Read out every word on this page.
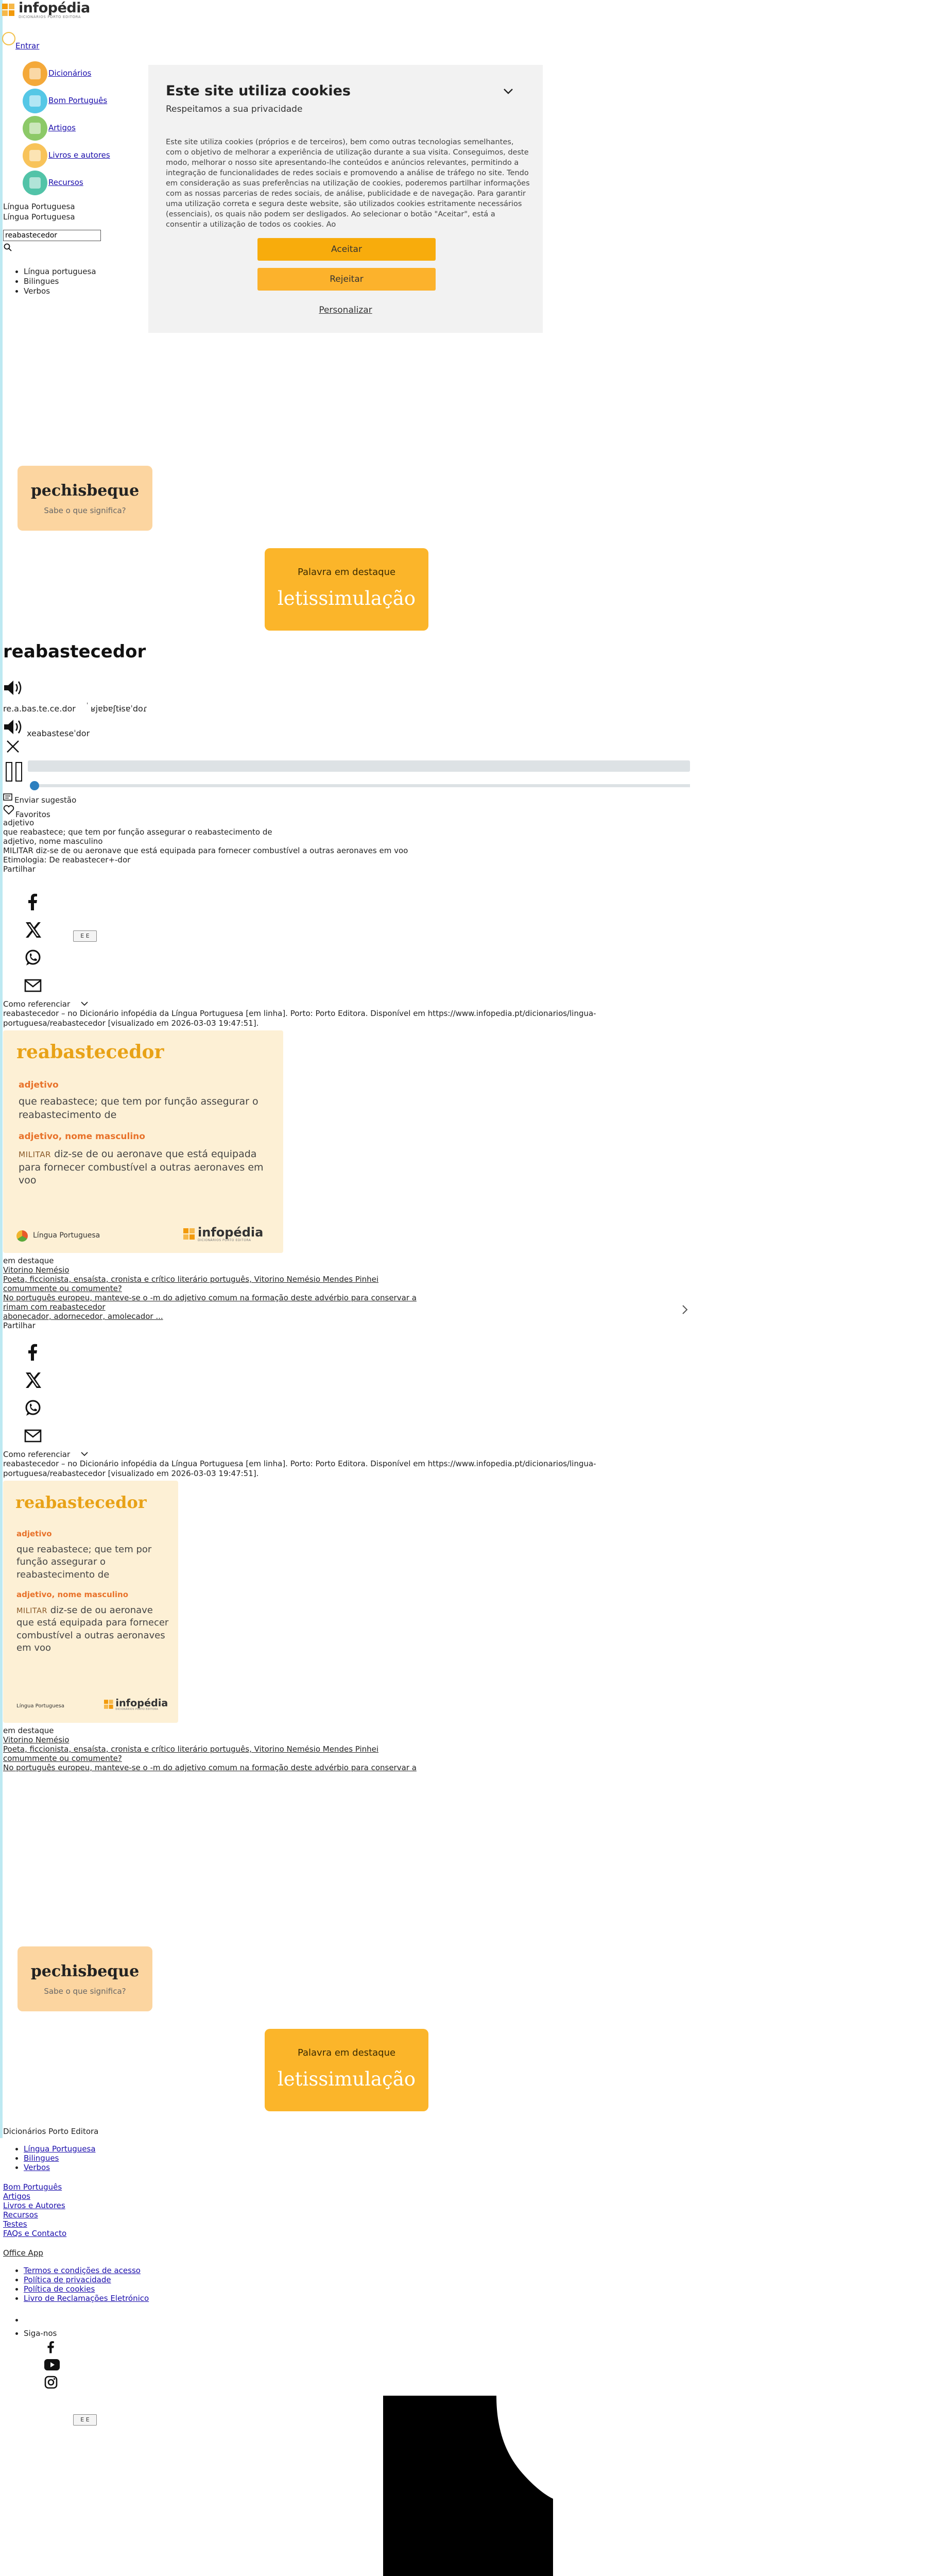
infopédia
DICIONÁRIOS PORTO EDITORA
Entrar
Dicionários
Bom Português
Artigos
Livros e autores
Recursos
Língua Portuguesa
Língua Portuguesa
reabastecedor
• Língua portuguesa
• Bilingues
• Verbos
Este site utiliza cookies
Respeitamos a sua privacidade
Este site utiliza cookies (próprios e de terceiros), bem como outras tecnologias semelhantes, com o objetivo de melhorar a experiência de utilização durante a sua visita. Conseguimos, deste modo, melhorar o nosso site apresentando-lhe conteúdos e anúncios relevantes, permitindo a integração de funcionalidades de redes sociais e promovendo a análise de tráfego no site. Tendo em consideração as suas preferências na utilização de cookies, poderemos partilhar informações com as nossas parcerias de redes sociais, de análise, publicidade e de navegação. Para garantir uma utilização correta e segura deste website, são utilizados cookies estritamente necessários (essenciais), os quais não podem ser desligados. Ao selecionar o botão "Aceitar", está a consentir a utilização de todos os cookies. Ao
Aceitar
Rejeitar
Personalizar
pechisbeque
Sabe o que significa?
Palavra em destaque
letissimulação
reabastecedor
re.a.bas.te.ce.dor ˈ ʁjɐbɐʃtɨsɐˈdoɾ
xeabasteseˈdor
Enviar sugestão
Favoritos
adjetivo
que reabastece; que tem por função assegurar o reabastecimento de
adjetivo, nome masculino
MILITAR diz-se de ou aeronave que está equipada para fornecer combustível a outras aeronaves em voo
Etimologia: De reabastecer+-dor
Partilhar
E E
Como referenciar
reabastecedor – no Dicionário infopédia da Língua Portuguesa [em linha]. Porto: Porto Editora. Disponível em https://www.infopedia.pt/dicionarios/lingua-portuguesa/reabastecedor [visualizado em 2026-03-03 19:47:51].
reabastecedor
adjetivo
que reabastece; que tem por função assegurar o reabastecimento de
adjetivo, nome masculino
MILITAR diz-se de ou aeronave que está equipada para fornecer combustível a outras aeronaves em voo
Língua Portuguesa	infopédia
DICIONÁRIOS PORTO EDITORA
em destaque
Vitorino Nemésio
Poeta, ficcionista, ensaísta, cronista e crítico literário português, Vitorino Nemésio Mendes Pinhei
comummente ou comumente?
No português europeu, manteve-se o -m do adjetivo comum na formação deste advérbio para conservar a
rimam com reabastecedor
abonecador, adornecedor, amolecador ...
Partilhar
Como referenciar
reabastecedor – no Dicionário infopédia da Língua Portuguesa [em linha]. Porto: Porto Editora. Disponível em https://www.infopedia.pt/dicionarios/lingua-portuguesa/reabastecedor [visualizado em 2026-03-03 19:47:51].
reabastecedor
adjetivo
que reabastece; que tem por função assegurar o reabastecimento de
adjetivo, nome masculino
MILITAR diz-se de ou aeronave que está equipada para fornecer combustível a outras aeronaves em voo
Língua Portuguesa	infopédia
DICIONÁRIOS PORTO EDITORA
em destaque
Vitorino Nemésio
Poeta, ficcionista, ensaísta, cronista e crítico literário português, Vitorino Nemésio Mendes Pinhei
comummente ou comumente?
No português europeu, manteve-se o -m do adjetivo comum na formação deste advérbio para conservar a
pechisbeque
Sabe o que significa?
Palavra em destaque
letissimulação
Dicionários Porto Editora
• Língua Portuguesa
• Bilingues
• Verbos
Bom Português
Artigos
Livros e Autores
Recursos
Testes
FAQs e Contacto
Office App
• Termos e condições de acesso
• Política de privacidade
• Política de cookies
• Livro de Reclamações Eletrónico
•
• Siga-nos
E E
